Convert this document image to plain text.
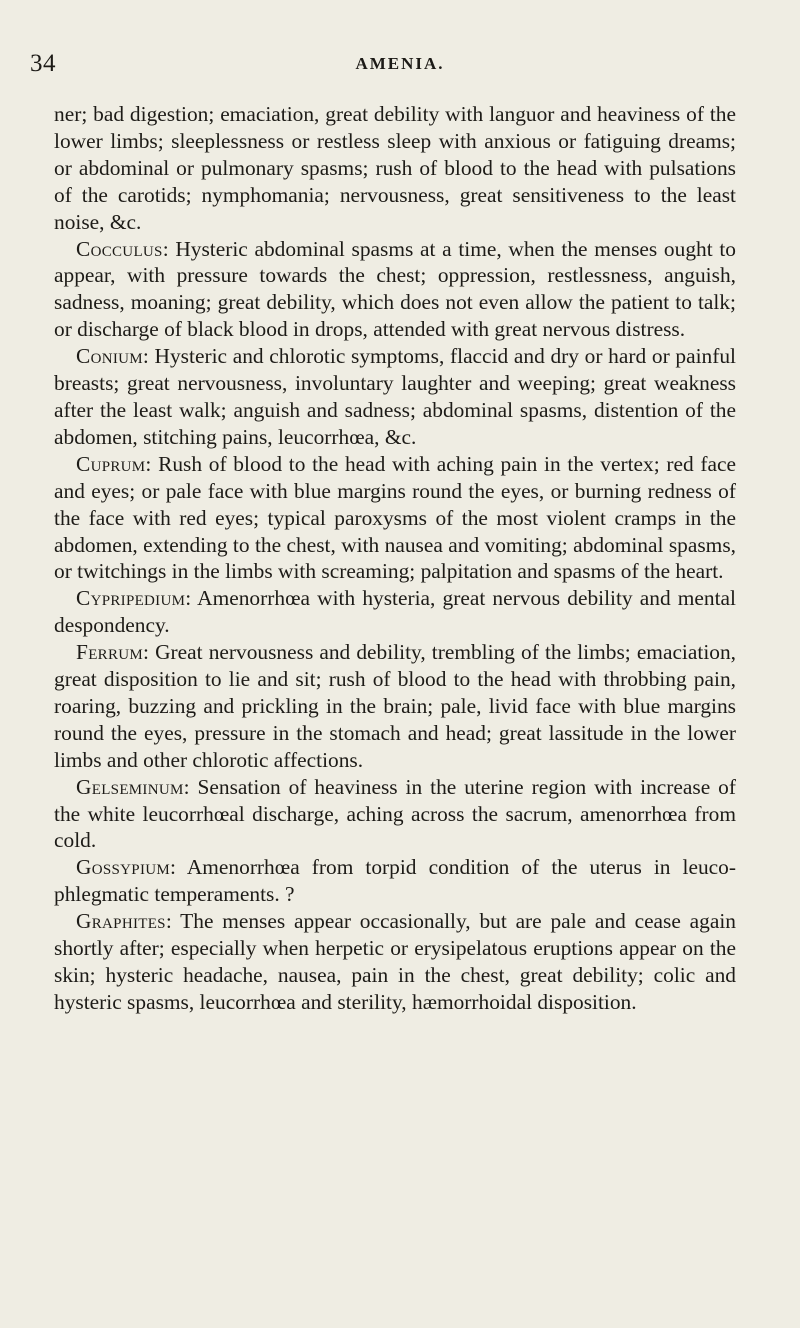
34	AMENIA.

ner; bad digestion; emaciation, great debility with languor and heaviness of the lower limbs; sleeplessness or restless sleep with anxious or fatiguing dreams; or abdominal or pulmonary spasms; rush of blood to the head with pulsations of the carotids; nymphomania; nervousness, great sensitiveness to the least noise, &c.

Cocculus: Hysteric abdominal spasms at a time, when the menses ought to appear, with pressure towards the chest; oppression, restlessness, anguish, sadness, moaning; great debility, which does not even allow the patient to talk; or discharge of black blood in drops, attended with great nervous distress.

Conium: Hysteric and chlorotic symptoms, flaccid and dry or hard or painful breasts; great nervousness, involuntary laughter and weeping; great weakness after the least walk; anguish and sadness; abdominal spasms, distention of the abdomen, stitching pains, leucorrhœa, &c.

Cuprum: Rush of blood to the head with aching pain in the vertex; red face and eyes; or pale face with blue margins round the eyes, or burning redness of the face with red eyes; typical paroxysms of the most violent cramps in the abdomen, extending to the chest, with nausea and vomiting; abdominal spasms, or twitchings in the limbs with screaming; palpitation and spasms of the heart.

Cypripedium: Amenorrhœa with hysteria, great nervous debility and mental despondency.

Ferrum: Great nervousness and debility, trembling of the limbs; emaciation, great disposition to lie and sit; rush of blood to the head with throbbing pain, roaring, buzzing and prickling in the brain; pale, livid face with blue margins round the eyes, pressure in the stomach and head; great lassitude in the lower limbs and other chlorotic affections.

Gelseminum: Sensation of heaviness in the uterine region with increase of the white leucorrhœal discharge, aching across the sacrum, amenorrhœa from cold.

Gossypium: Amenorrhœa from torpid condition of the uterus in leuco-phlegmatic temperaments. ?

Graphites: The menses appear occasionally, but are pale and cease again shortly after; especially when herpetic or erysipelatous eruptions appear on the skin; hysteric headache, nausea, pain in the chest, great debility; colic and hysteric spasms, leucorrhœa and sterility, hæmorrhoidal disposition.
